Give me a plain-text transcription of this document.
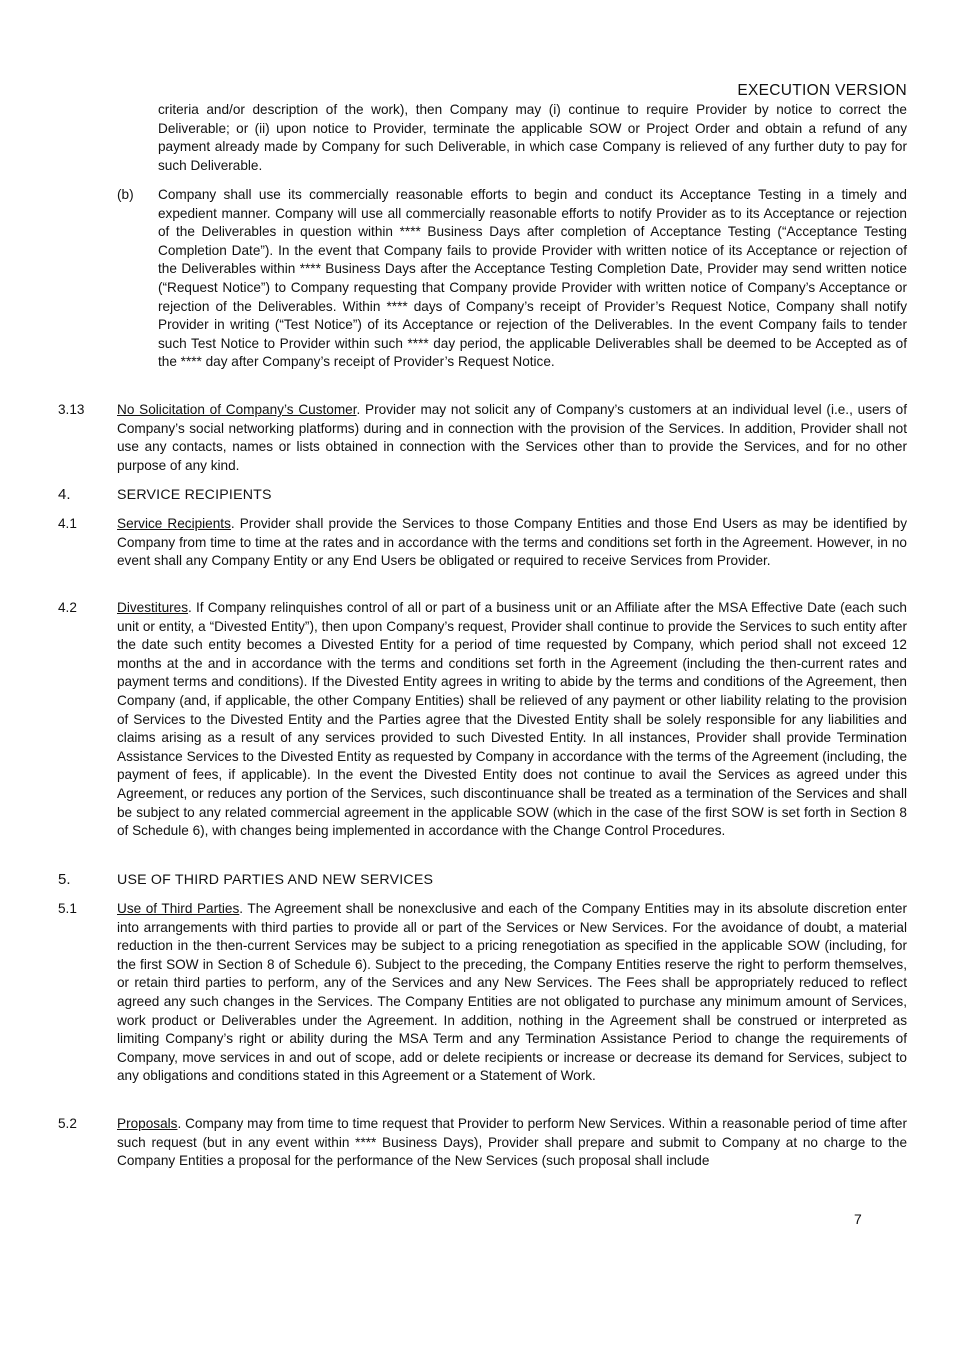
EXECUTION VERSION
criteria and/or description of the work), then Company may (i) continue to require Provider by notice to correct the Deliverable; or (ii) upon notice to Provider, terminate the applicable SOW or Project Order and obtain a refund of any payment already made by Company for such Deliverable, in which case Company is relieved of any further duty to pay for such Deliverable.
(b) Company shall use its commercially reasonable efforts to begin and conduct its Acceptance Testing in a timely and expedient manner. Company will use all commercially reasonable efforts to notify Provider as to its Acceptance or rejection of the Deliverables in question within **** Business Days after completion of Acceptance Testing (“Acceptance Testing Completion Date”). In the event that Company fails to provide Provider with written notice of its Acceptance or rejection of the Deliverables within **** Business Days after the Acceptance Testing Completion Date, Provider may send written notice (“Request Notice”) to Company requesting that Company provide Provider with written notice of Company’s Acceptance or rejection of the Deliverables. Within **** days of Company’s receipt of Provider’s Request Notice, Company shall notify Provider in writing (“Test Notice”) of its Acceptance or rejection of the Deliverables. In the event Company fails to tender such Test Notice to Provider within such **** day period, the applicable Deliverables shall be deemed to be Accepted as of the **** day after Company’s receipt of Provider’s Request Notice.
3.13 No Solicitation of Company’s Customer. Provider may not solicit any of Company’s customers at an individual level (i.e., users of Company’s social networking platforms) during and in connection with the provision of the Services. In addition, Provider shall not use any contacts, names or lists obtained in connection with the Services other than to provide the Services, and for no other purpose of any kind.
4.	SERVICE RECIPIENTS
4.1	Service Recipients. Provider shall provide the Services to those Company Entities and those End Users as may be identified by Company from time to time at the rates and in accordance with the terms and conditions set forth in the Agreement. However, in no event shall any Company Entity or any End Users be obligated or required to receive Services from Provider.
4.2	Divestitures. If Company relinquishes control of all or part of a business unit or an Affiliate after the MSA Effective Date (each such unit or entity, a “Divested Entity”), then upon Company’s request, Provider shall continue to provide the Services to such entity after the date such entity becomes a Divested Entity for a period of time requested by Company, which period shall not exceed 12 months at the and in accordance with the terms and conditions set forth in the Agreement (including the then-current rates and payment terms and conditions). If the Divested Entity agrees in writing to abide by the terms and conditions of the Agreement, then Company (and, if applicable, the other Company Entities) shall be relieved of any payment or other liability relating to the provision of Services to the Divested Entity and the Parties agree that the Divested Entity shall be solely responsible for any liabilities and claims arising as a result of any services provided to such Divested Entity. In all instances, Provider shall provide Termination Assistance Services to the Divested Entity as requested by Company in accordance with the terms of the Agreement (including, the payment of fees, if applicable). In the event the Divested Entity does not continue to avail the Services as agreed under this Agreement, or reduces any portion of the Services, such discontinuance shall be treated as a termination of the Services and shall be subject to any related commercial agreement in the applicable SOW (which in the case of the first SOW is set forth in Section 8 of Schedule 6), with changes being implemented in accordance with the Change Control Procedures.
5.	USE OF THIRD PARTIES AND NEW SERVICES
5.1	Use of Third Parties. The Agreement shall be nonexclusive and each of the Company Entities may in its absolute discretion enter into arrangements with third parties to provide all or part of the Services or New Services. For the avoidance of doubt, a material reduction in the then-current Services may be subject to a pricing renegotiation as specified in the applicable SOW (including, for the first SOW in Section 8 of Schedule 6). Subject to the preceding, the Company Entities reserve the right to perform themselves, or retain third parties to perform, any of the Services and any New Services. The Fees shall be appropriately reduced to reflect agreed any such changes in the Services. The Company Entities are not obligated to purchase any minimum amount of Services, work product or Deliverables under the Agreement. In addition, nothing in the Agreement shall be construed or interpreted as limiting Company’s right or ability during the MSA Term and any Termination Assistance Period to change the requirements of Company, move services in and out of scope, add or delete recipients or increase or decrease its demand for Services, subject to any obligations and conditions stated in this Agreement or a Statement of Work.
5.2	Proposals. Company may from time to time request that Provider to perform New Services. Within a reasonable period of time after such request (but in any event within **** Business Days), Provider shall prepare and submit to Company at no charge to the Company Entities a proposal for the performance of the New Services (such proposal shall include
7
